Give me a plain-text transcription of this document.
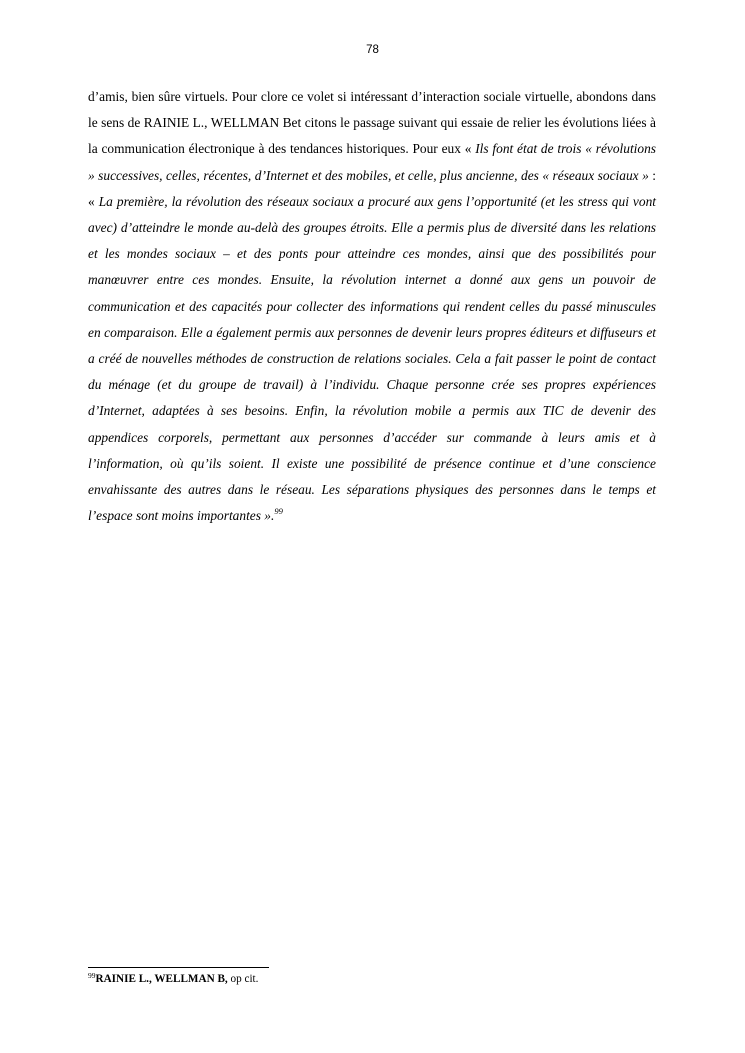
78

d’amis, bien sûre virtuels. Pour clore ce volet si intéressant d’interaction sociale virtuelle, abondons dans le sens de RAINIE L., WELLMAN Bet citons le passage suivant qui essaie de relier les évolutions liées à la communication électronique à des tendances historiques. Pour eux « Ils font état de trois « révolutions » successives, celles, récentes, d’Internet et des mobiles, et celle, plus ancienne, des « réseaux sociaux » : « La première, la révolution des réseaux sociaux a procuré aux gens l’opportunité (et les stress qui vont avec) d’atteindre le monde au-delà des groupes étroits. Elle a permis plus de diversité dans les relations et les mondes sociaux – et des ponts pour atteindre ces mondes, ainsi que des possibilités pour manœuvrer entre ces mondes. Ensuite, la révolution internet a donné aux gens un pouvoir de communication et des capacités pour collecter des informations qui rendent celles du passé minuscules en comparaison. Elle a également permis aux personnes de devenir leurs propres éditeurs et diffuseurs et a créé de nouvelles méthodes de construction de relations sociales. Cela a fait passer le point de contact du ménage (et du groupe de travail) à l’individu. Chaque personne crée ses propres expériences d’Internet, adaptées à ses besoins. Enfin, la révolution mobile a permis aux TIC de devenir des appendices corporels, permettant aux personnes d’accéder sur commande à leurs amis et à l’information, où qu’ils soient. Il existe une possibilité de présence continue et d’une conscience envahissante des autres dans le réseau. Les séparations physiques des personnes dans le temps et l’espace sont moins importantes ».$^{99}$

$^{99}$RAINIE L., WELLMAN B, op cit.
